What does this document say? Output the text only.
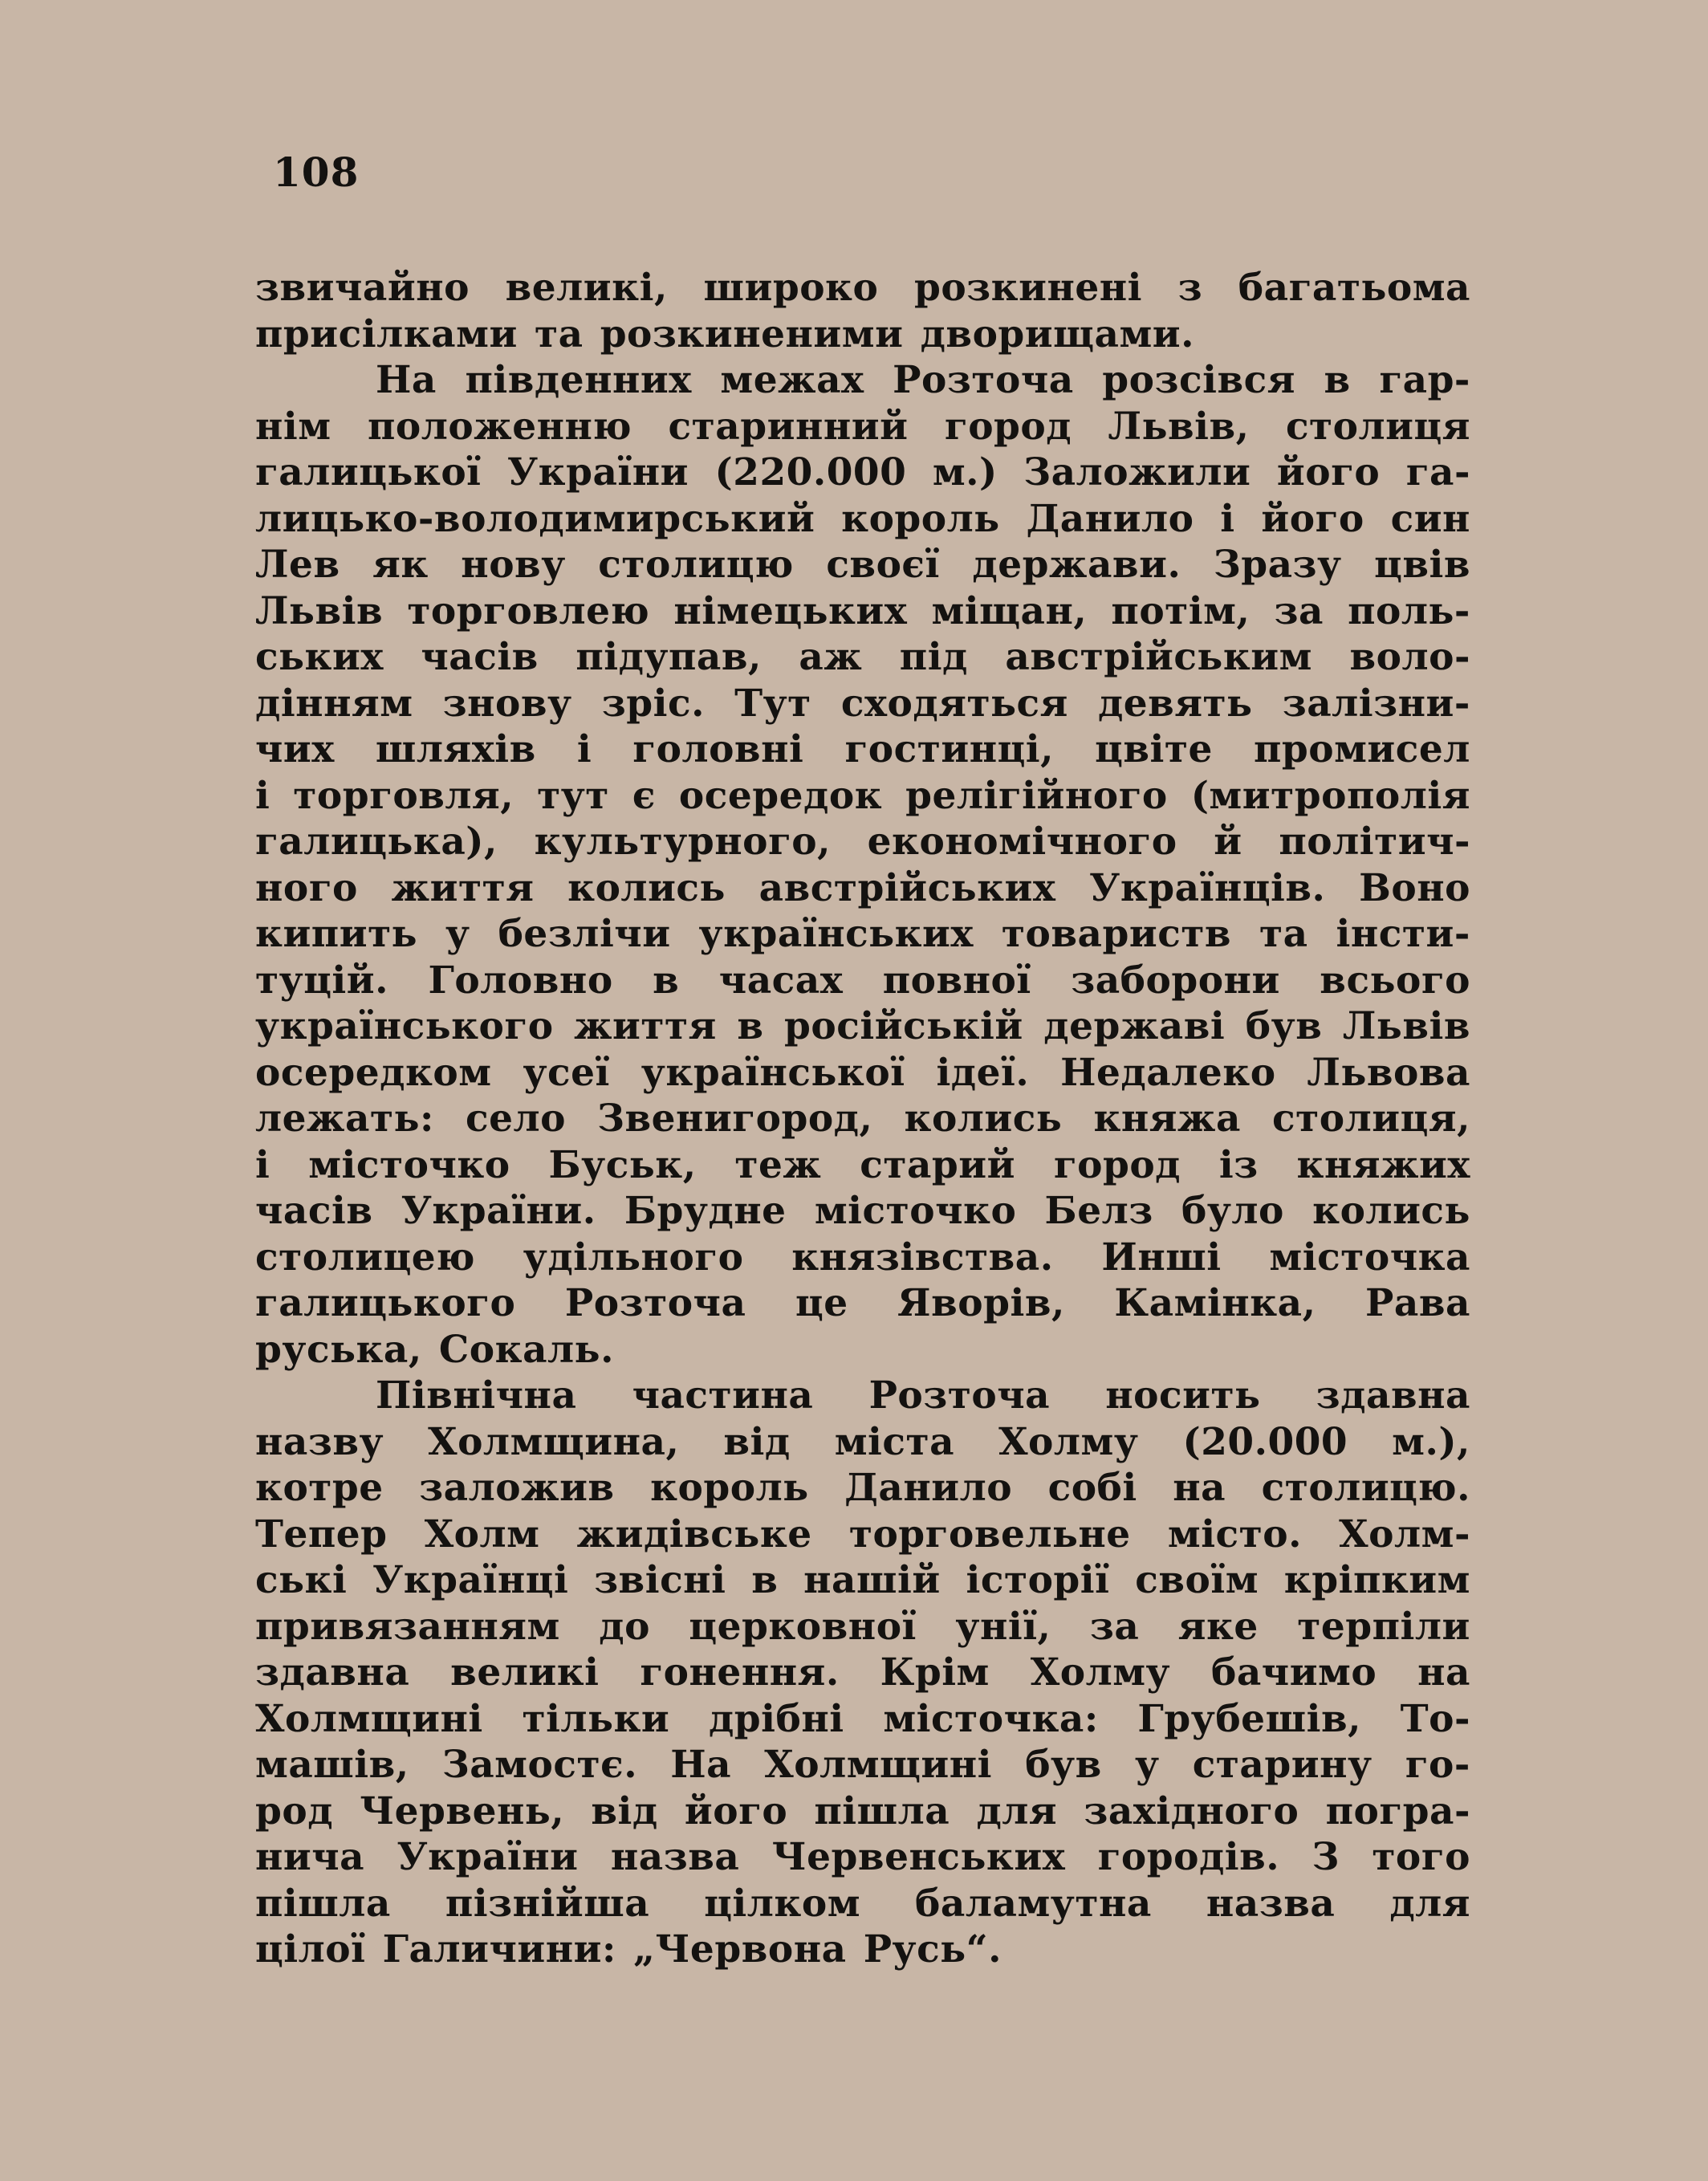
108
звичайно великі, широко розкинені з багатьома
присілками та розкиненими дворищами.
На південних межах Розточа розсівся в гар-
нім положенню старинний город Львів, столиця
галицької України (220.000 м.) Заложили його га-
лицько-володимирський король Данило і його син
Лев як нову столицю своєї держави. Зразу цвів
Львів торговлею німецьких міщан, потім, за поль-
ських часів підупав, аж під австрійським воло-
дінням знову зріс. Тут сходяться девять залізни-
чих шляхів і головні гостинці, цвіте промисел
і торговля, тут є осередок релігійного (митрополія
галицька), культурного, економічного й політич-
ного життя колись австрійських Українців. Воно
кипить у безлічи українських товариств та інсти-
туцій. Головно в часах повної заборони всього
українського життя в російській державі був Львів
осередком усеї української ідеї. Недалеко Львова
лежать: село Звенигород, колись княжа столиця,
і місточко Буськ, теж старий город із княжих
часів України. Брудне місточко Белз було колись
столицею удільного князівства. Инші місточка
галицького Розточа це Яворів, Камінка, Рава
руська, Сокаль.
Північна частина Розточа носить здавна
назву Холмщина, від міста Холму (20.000 м.),
котре заложив король Данило собі на столицю.
Тепер Холм жидівське торговельне місто. Холм-
ські Українці звісні в нашій історії своїм кріпким
привязанням до церковної унії, за яке терпіли
здавна великі гонення. Крім Холму бачимо на
Холмщині тільки дрібні місточка: Грубешів, То-
машів, Замостє. На Холмщині був у старину го-
род Червень, від його пішла для західного погра-
нича України назва Червенських городів. З того
пішла пізнійша цілком баламутна назва для
цілої Галичини: „Червона Русь“.
